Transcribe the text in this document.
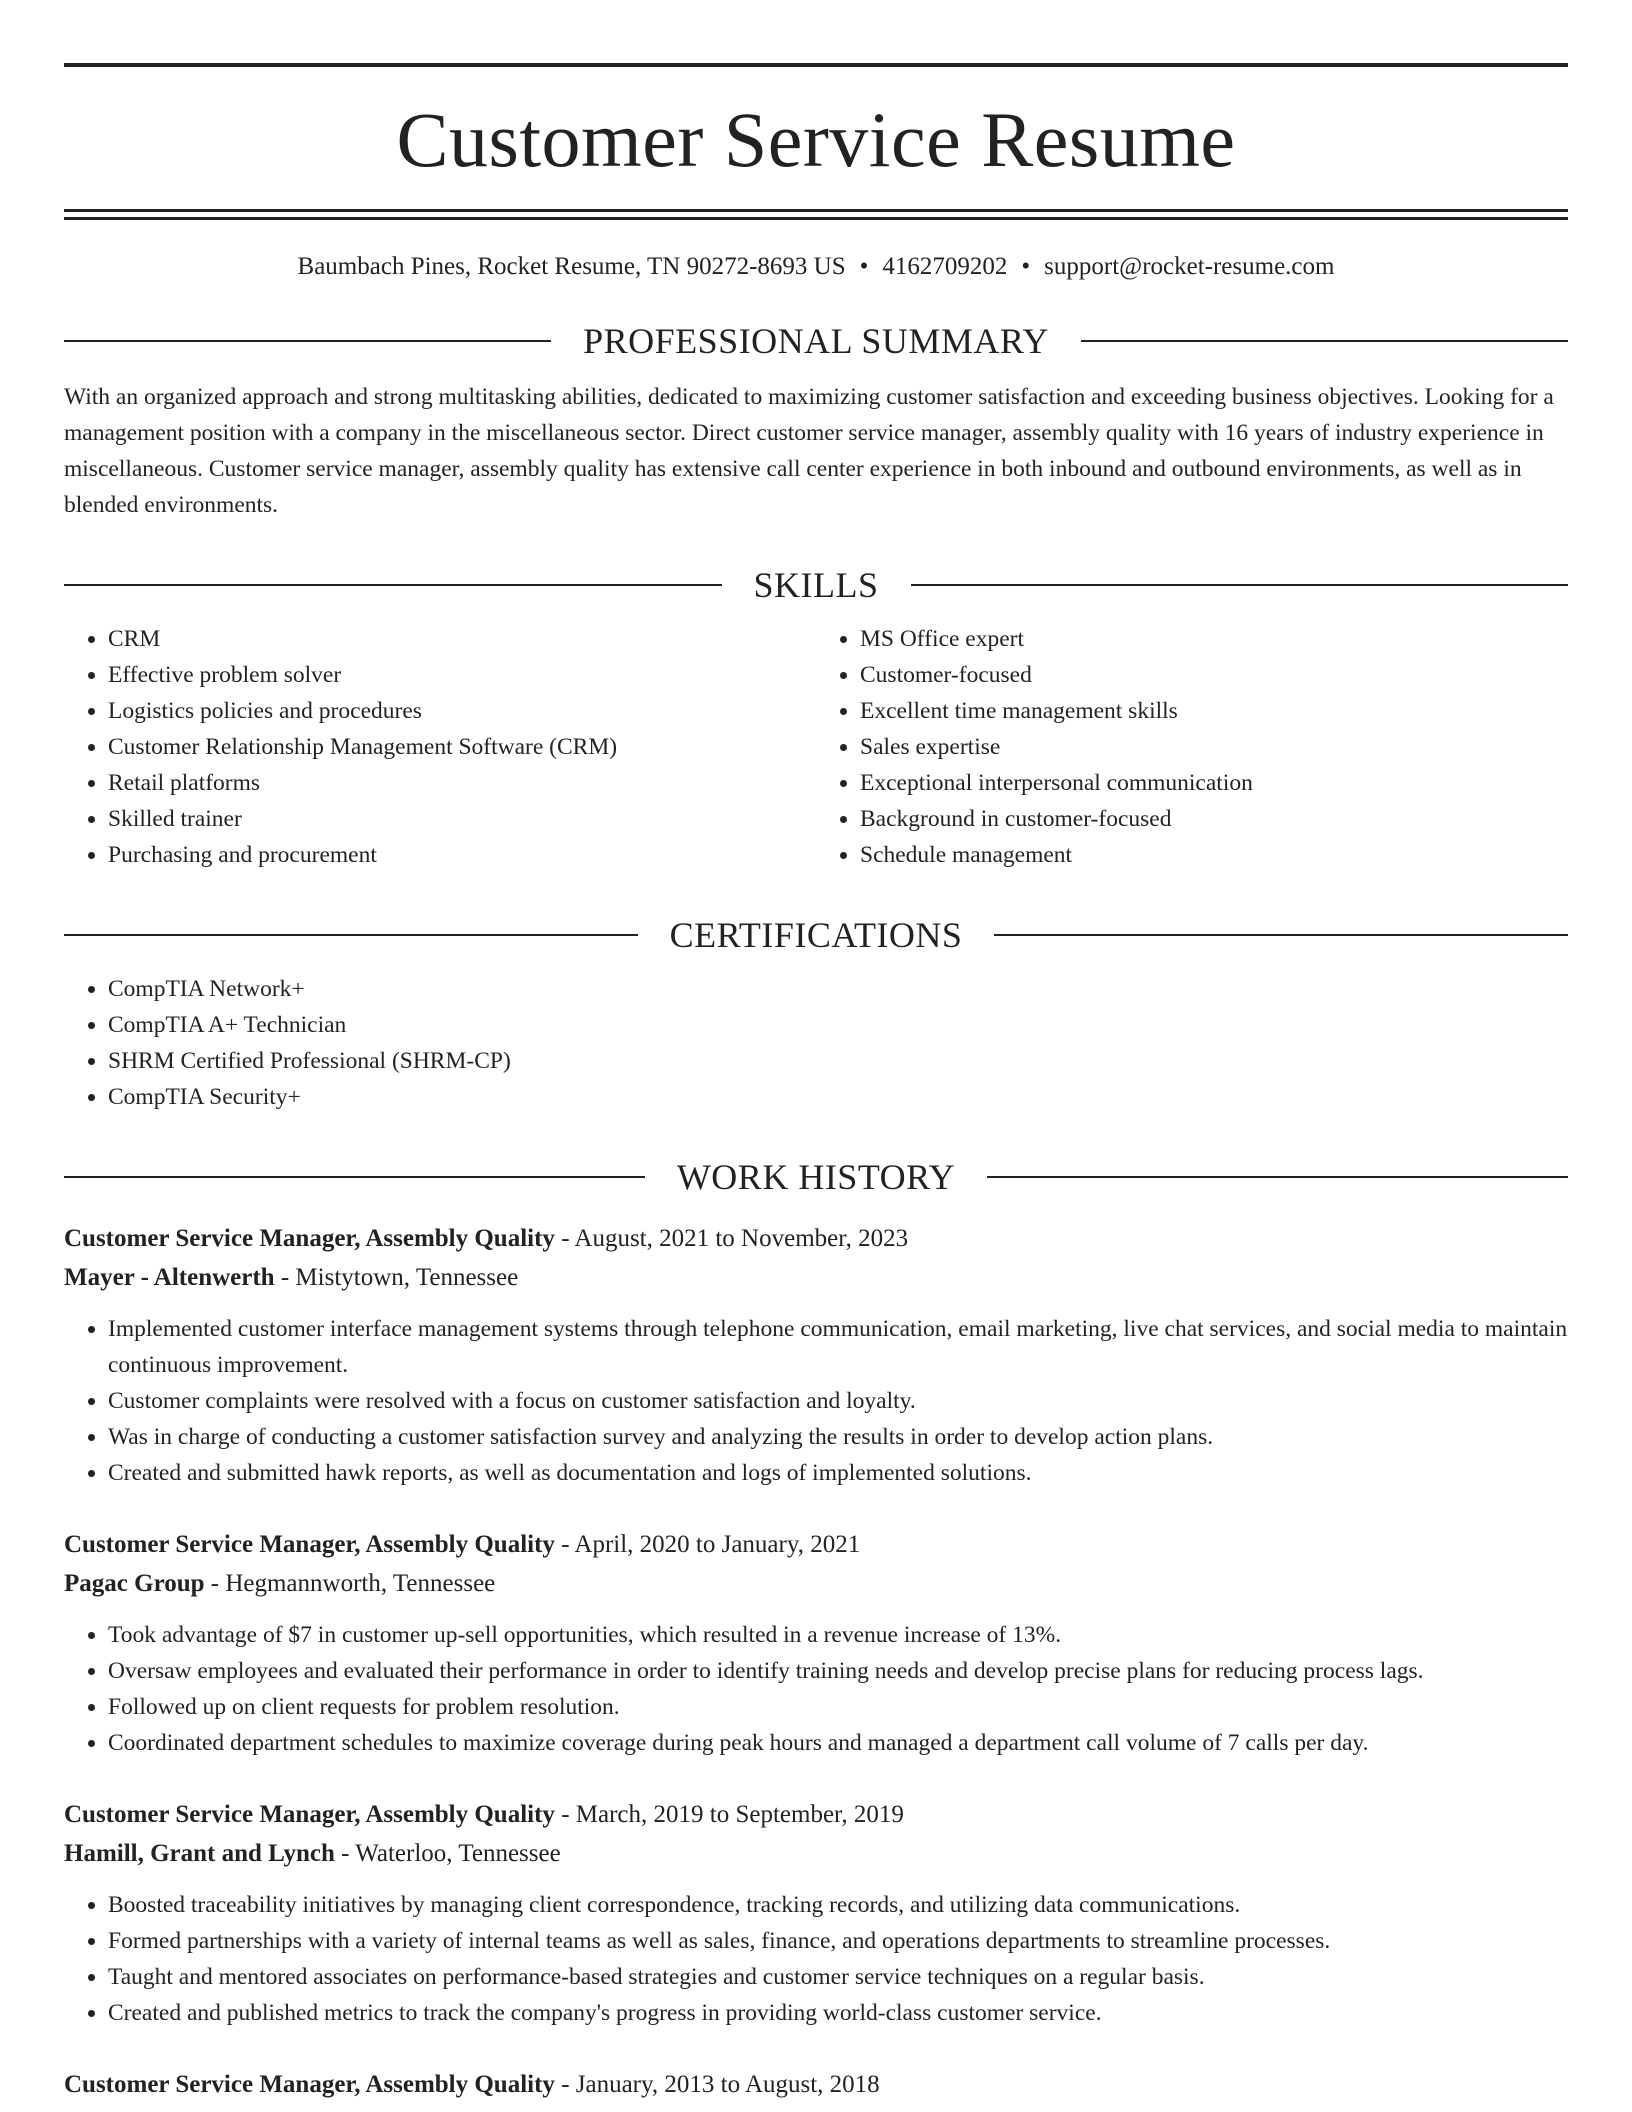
Customer Service Resume
Baumbach Pines, Rocket Resume, TN 90272-8693 US • 4162709202 • support@rocket-resume.com
PROFESSIONAL SUMMARY

With an organized approach and strong multitasking abilities, dedicated to maximizing customer satisfaction and exceeding business objectives. Looking for a management position with a company in the miscellaneous sector. Direct customer service manager, assembly quality with 16 years of industry experience in miscellaneous. Customer service manager, assembly quality has extensive call center experience in both inbound and outbound environments, as well as in blended environments.

SKILLS
• CRM
• Effective problem solver
• Logistics policies and procedures
• Customer Relationship Management Software (CRM)
• Retail platforms
• Skilled trainer
• Purchasing and procurement
• MS Office expert
• Customer-focused
• Excellent time management skills
• Sales expertise
• Exceptional interpersonal communication
• Background in customer-focused
• Schedule management
CERTIFICATIONS
• CompTIA Network+
• CompTIA A+ Technician
• SHRM Certified Professional (SHRM-CP)
• CompTIA Security+
WORK HISTORY
Customer Service Manager, Assembly Quality - August, 2021 to November, 2023
Mayer - Altenwerth - Mistytown, Tennessee
• Implemented customer interface management systems through telephone communication, email marketing, live chat services, and social media to maintain continuous improvement.
• Customer complaints were resolved with a focus on customer satisfaction and loyalty.
• Was in charge of conducting a customer satisfaction survey and analyzing the results in order to develop action plans.
• Created and submitted hawk reports, as well as documentation and logs of implemented solutions.
Customer Service Manager, Assembly Quality - April, 2020 to January, 2021
Pagac Group - Hegmannworth, Tennessee
• Took advantage of $7 in customer up-sell opportunities, which resulted in a revenue increase of 13%.
• Oversaw employees and evaluated their performance in order to identify training needs and develop precise plans for reducing process lags.
• Followed up on client requests for problem resolution.
• Coordinated department schedules to maximize coverage during peak hours and managed a department call volume of 7 calls per day.
Customer Service Manager, Assembly Quality - March, 2019 to September, 2019
Hamill, Grant and Lynch - Waterloo, Tennessee
• Boosted traceability initiatives by managing client correspondence, tracking records, and utilizing data communications.
• Formed partnerships with a variety of internal teams as well as sales, finance, and operations departments to streamline processes.
• Taught and mentored associates on performance-based strategies and customer service techniques on a regular basis.
• Created and published metrics to track the company's progress in providing world-class customer service.
Customer Service Manager, Assembly Quality - January, 2013 to August, 2018
